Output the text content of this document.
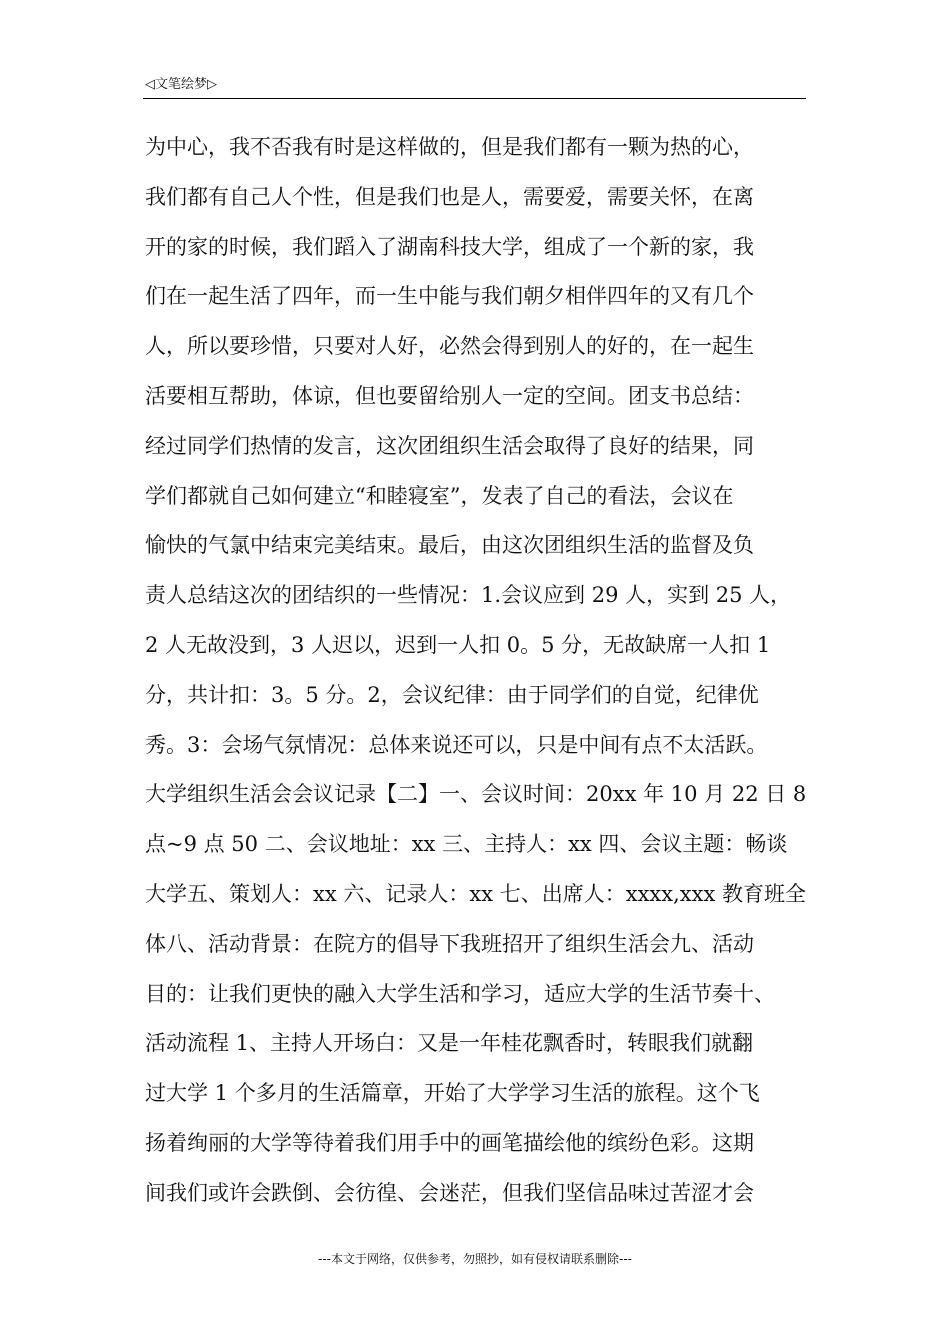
◁文笔绘梦▷
为中心，我不否我有时是这样做的，但是我们都有一颗为热的心，
我们都有自己人个性，但是我们也是人，需要爱，需要关怀，在离
开的家的时候，我们蹈入了湖南科技大学，组成了一个新的家，我
们在一起生活了四年，而一生中能与我们朝夕相伴四年的又有几个
人，所以要珍惜，只要对人好，必然会得到别人的好的，在一起生
活要相互帮助，体谅，但也要留给别人一定的空间。团支书总结：
经过同学们热情的发言，这次团组织生活会取得了良好的结果，同
学们都就自己如何建立“和睦寝室”，发表了自己的看法，会议在
愉快的气氯中结束完美结束。最后，由这次团组织生活的监督及负
责人总结这次的团结织的一些情况：1.会议应到 29 人，实到 25 人，
2 人无故没到，3 人迟以，迟到一人扣 0。5 分，无故缺席一人扣 1
分，共计扣：3。5 分。2，会议纪律：由于同学们的自觉，纪律优
秀。3：会场气氛情况：总体来说还可以，只是中间有点不太活跃。
大学组织生活会会议记录【二】一、会议时间：20xx 年 10 月 22 日 8
点~9 点 50 二、会议地址：xx 三、主持人：xx 四、会议主题：畅谈
大学五、策划人：xx 六、记录人：xx 七、出席人：xxxx,xxx 教育班全
体八、活动背景：在院方的倡导下我班招开了组织生活会九、活动
目的：让我们更快的融入大学生活和学习，适应大学的生活节奏十、
活动流程 1、主持人开场白：又是一年桂花飘香时，转眼我们就翻
过大学 1 个多月的生活篇章，开始了大学学习生活的旅程。这个飞
扬着绚丽的大学等待着我们用手中的画笔描绘他的缤纷色彩。这期
间我们或许会跌倒、会彷徨、会迷茫，但我们坚信品味过苦涩才会
---本文于网络，仅供参考，勿照抄，如有侵权请联系删除---
